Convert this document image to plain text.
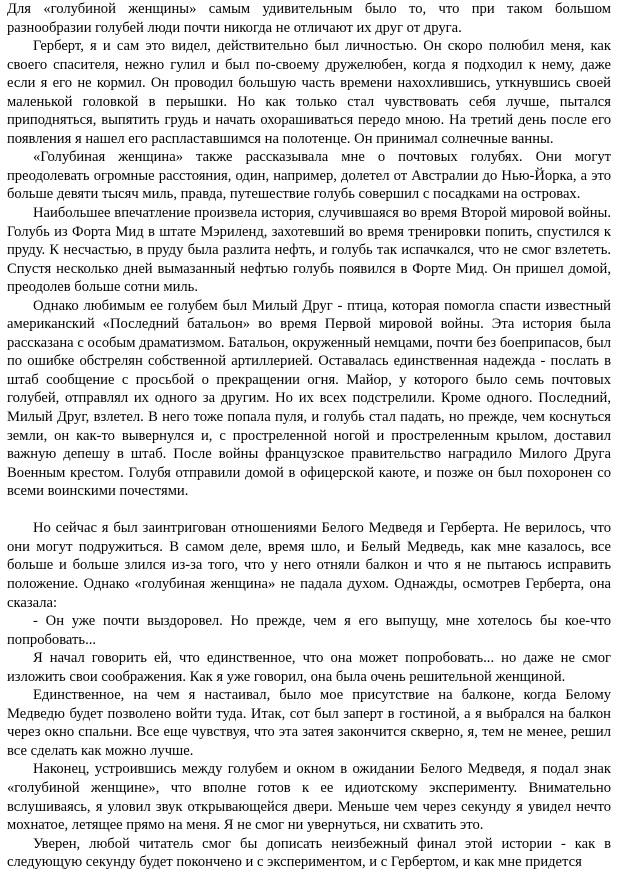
Для «голубиной женщины» самым удивительным было то, что при таком большом разнообразии голубей люди почти никогда не отличают их друг от друга.

Герберт, я и сам это видел, действительно был личностью. Он скоро полюбил меня, как своего спасителя, нежно гулил и был по-своему дружелюбен, когда я подходил к нему, даже если я его не кормил. Он проводил большую часть времени нахохлившись, уткнувшись своей маленькой головкой в перышки. Но как только стал чувствовать себя лучше, пытался приподняться, выпятить грудь и начать охорашиваться передо мною. На третий день после его появления я нашел его распластавшимся на полотенце. Он принимал солнечные ванны.

«Голубиная женщина» также рассказывала мне о почтовых голубях. Они могут преодолевать огромные расстояния, один, например, долетел от Австралии до Нью-Йорка, а это больше девяти тысяч миль, правда, путешествие голубь совершил с посадками на островах.

Наибольшее впечатление произвела история, случившаяся во время Второй мировой войны. Голубь из Форта Мид в штате Мэриленд, захотевший во время тренировки попить, спустился к пруду. К несчастью, в пруду была разлита нефть, и голубь так испачкался, что не смог взлететь. Спустя несколько дней вымазанный нефтью голубь появился в Форте Мид. Он пришел домой, преодолев больше сотни миль.

Однако любимым ее голубем был Милый Друг - птица, которая помогла спасти известный американский «Последний батальон» во время Первой мировой войны. Эта история была рассказана с особым драматизмом. Батальон, окруженный немцами, почти без боеприпасов, был по ошибке обстрелян собственной артиллерией. Оставалась единственная надежда - послать в штаб сообщение с просьбой о прекращении огня. Майор, у которого было семь почтовых голубей, отправлял их одного за другим. Но их всех подстрелили. Кроме одного. Последний, Милый Друг, взлетел. В него тоже попала пуля, и голубь стал падать, но прежде, чем коснуться земли, он как-то вывернулся и, с простреленной ногой и простреленным крылом, доставил важную депешу в штаб. После войны французское правительство наградило Милого Друга Военным крестом. Голубя отправили домой в офицерской каюте, и позже он был похоронен со всеми воинскими почестями.

Но сейчас я был заинтригован отношениями Белого Медведя и Герберта. Не верилось, что они могут подружиться. В самом деле, время шло, и Белый Медведь, как мне казалось, все больше и больше злился из-за того, что у него отняли балкон и что я не пытаюсь исправить положение. Однако «голубиная женщина» не падала духом. Однажды, осмотрев Герберта, она сказала:

- Он уже почти выздоровел. Но прежде, чем я его выпущу, мне хотелось бы кое-что попробовать...

Я начал говорить ей, что единственное, что она может попробовать... но даже не смог изложить свои соображения. Как я уже говорил, она была очень решительной женщиной.

Единственное, на чем я настаивал, было мое присутствие на балконе, когда Белому Медведю будет позволено войти туда. Итак, сот был заперт в гостиной, а я выбрался на балкон через окно спальни. Все еще чувствуя, что эта затея закончится скверно, я, тем не менее, решил все сделать как можно лучше.

Наконец, устроившись между голубем и окном в ожидании Белого Медведя, я подал знак «голубиной женщине», что вполне готов к ее идиотскому эксперименту. Внимательно вслушиваясь, я уловил звук открывающейся двери. Меньше чем через секунду я увидел нечто мохнатое, летящее прямо на меня. Я не смог ни увернуться, ни схватить это.

Уверен, любой читатель смог бы дописать неизбежный финал этой истории - как в следующую секунду будет покончено и с экспериментом, и с Гербертом, и как мне придется
